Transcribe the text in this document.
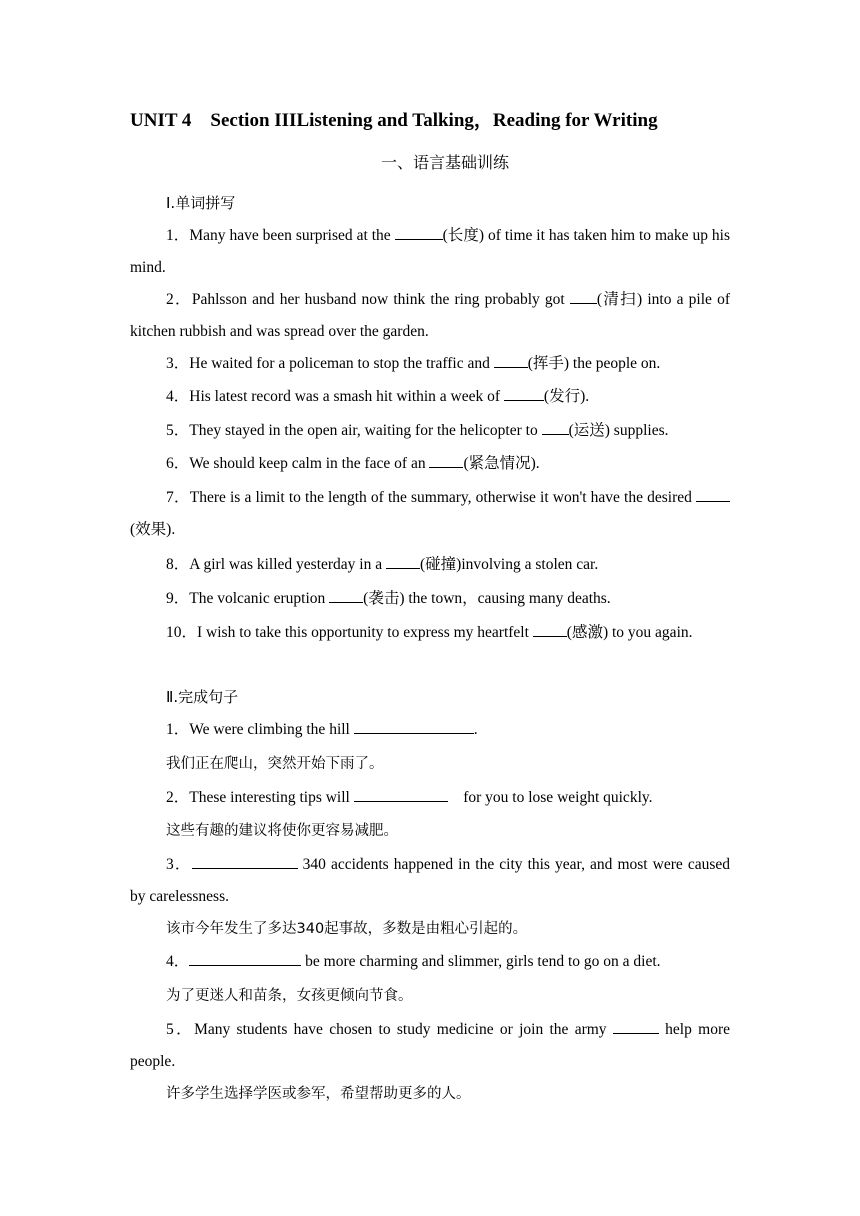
UNIT 4    Section IIIListening and Talking，Reading for Writing
一、语言基础训练
Ⅰ.单词拼写

1．Many have been surprised at the	(长度) of time it has taken him to make up his mind.

2．Pahlsson and her husband now think the ring probably got (清扫) into a pile of kitchen rubbish and was spread over the garden.

3．He waited for a policeman to stop the traffic and (挥手) the people on.

4．His latest record was a smash hit within a week of	(发行).

5．They stayed in the open air, waiting for the helicopter to (运送) supplies.

6．We should keep calm in the face of an (紧急情况).

7．There is a limit to the length of the summary, otherwise it won't have the desired (效果).

8．A girl was killed yesterday in a (碰撞)involving a stolen car.

9．The volcanic eruption (袭击) the town，causing many deaths.

10．I wish to take this opportunity to express my heartfelt (感激) to you again.

Ⅱ.完成句子

1．We were climbing the hill	.

我们正在爬山，突然开始下雨了。

2．These interesting tips will	for you to lose weight quickly.

这些有趣的建议将使你更容易减肥。

3．	340 accidents happened in the city this year, and most were caused by carelessness.

该市今年发生了多达340起事故，多数是由粗心引起的。

4．	be more charming and slimmer, girls tend to go on a diet.

为了更迷人和苗条，女孩更倾向节食。

5．Many students have chosen to study medicine or join the army	help more people.

许多学生选择学医或参军，希望帮助更多的人。
